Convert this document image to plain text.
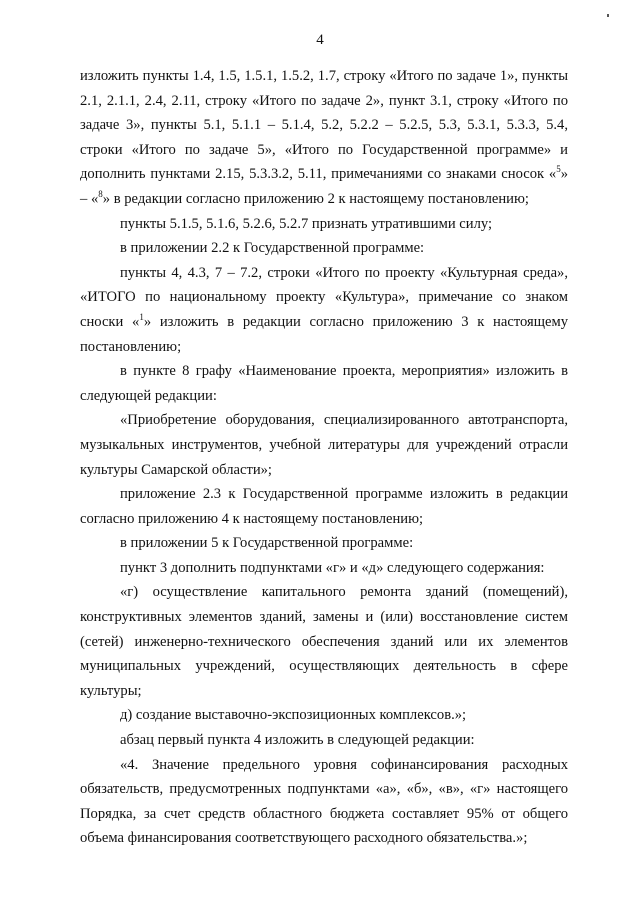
4

изложить пункты 1.4, 1.5, 1.5.1, 1.5.2, 1.7, строку «Итого по задаче 1», пункты 2.1, 2.1.1, 2.4, 2.11, строку «Итого по задаче 2», пункт 3.1, строку «Итого по задаче 3», пункты 5.1, 5.1.1 – 5.1.4, 5.2, 5.2.2 – 5.2.5, 5.3, 5.3.1, 5.3.3, 5.4, строки «Итого по задаче 5», «Итого по Государственной программе» и дополнить пунктами 2.15, 5.3.3.2, 5.11, примечаниями со знаками сносок «$^5$» – «$^8$» в редакции согласно приложению 2 к настоящему постановлению;

пункты 5.1.5, 5.1.6, 5.2.6, 5.2.7 признать утратившими силу;

в приложении 2.2 к Государственной программе:

пункты 4, 4.3, 7 – 7.2, строки «Итого по проекту «Культурная среда», «ИТОГО по национальному проекту «Культура», примечание со знаком сноски «$^1$» изложить в редакции согласно приложению 3 к настоящему постановлению;

в пункте 8 графу «Наименование проекта, мероприятия» изложить в следующей редакции:

«Приобретение оборудования, специализированного автотранспорта, музыкальных инструментов, учебной литературы для учреждений отрасли культуры Самарской области»;

приложение 2.3 к Государственной программе изложить в редакции согласно приложению 4 к настоящему постановлению;

в приложении 5 к Государственной программе:

пункт 3 дополнить подпунктами «г» и «д» следующего содержания:

«г) осуществление капитального ремонта зданий (помещений), конструктивных элементов зданий, замены и (или) восстановление систем (сетей) инженерно-технического обеспечения зданий или их элементов муниципальных учреждений, осуществляющих деятельность в сфере культуры;

д) создание выставочно-экспозиционных комплексов.»;

абзац первый пункта 4 изложить в следующей редакции:

«4. Значение предельного уровня софинансирования расходных обязательств, предусмотренных подпунктами «а», «б», «в», «г» настоящего Порядка, за счет средств областного бюджета составляет 95% от общего объема финансирования соответствующего расходного обязательства.»;
